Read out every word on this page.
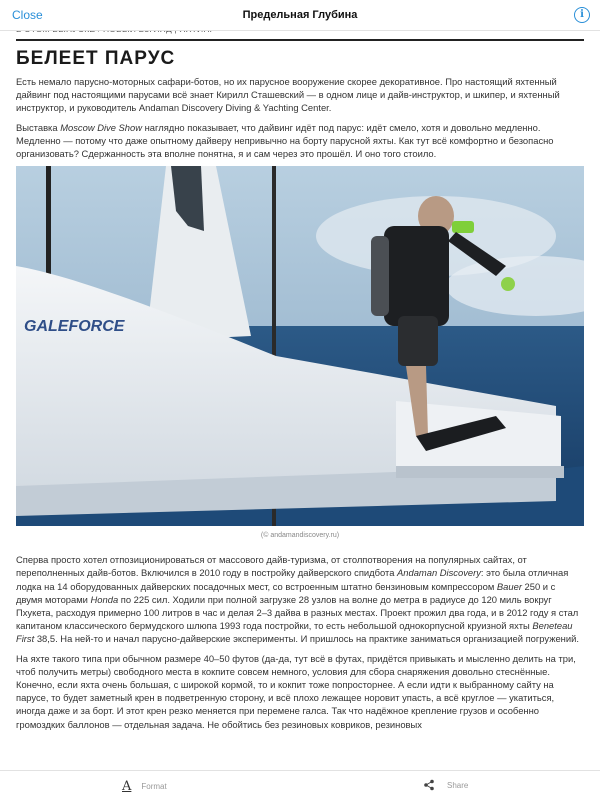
Close	Предельная Глубина	i
БЕЛЕЕТ ПАРУС

Есть немало парусно-моторных сафари-ботов, но их парусное вооружение скорее декоративное. Про настоящий яхтенный дайвинг под настоящими парусами всё знает Кирилл Сташевский — в одном лице и дайв-инструктор, и шкипер, и яхтенный инструктор, и руководитель Andaman Discovery Diving & Yachting Center.

Выставка Moscow Dive Show наглядно показывает, что дайвинг идёт под парус: идёт смело, хотя и довольно медленно. Медленно — потому что даже опытному дайверу непривычно на борту парусной яхты. Как тут всё комфортно и безопасно организовать? Сдержанность эта вполне понятна, я и сам через это прошёл. И оно того стоило.

GALEFORCE
(© andamandiscovery.ru)

Сперва просто хотел отпозиционироваться от массового дайв-туризма, от столпотворения на популярных сайтах, от переполненных дайв-ботов. Включился в 2010 году в постройку дайверского спидбота Andaman Discovery: это была отличная лодка на 14 оборудованных дайверских посадочных мест, со встроенным штатно бензиновым компрессором Bauer 250 и с двумя моторами Honda по 225 сил. Ходили при полной загрузке 28 узлов на волне до метра в радиусе до 120 миль вокруг Пхукета, расходуя примерно 100 литров в час и делая 2–3 дайва в разных местах. Проект прожил два года, и в 2012 году я стал капитаном классического бермудского шлюпа 1993 года постройки, то есть небольшой однокорпусной круизной яхты Beneteau First 38,5. На ней-то и начал парусно-дайверские эксперименты. И пришлось на практике заниматься организацией погружений.

На яхте такого типа при обычном размере 40–50 футов (да-да, тут всё в футах, придётся привыкать и мысленно делить на три, чтоб получить метры) свободного места в кокпите совсем немного, условия для сбора снаряжения довольно стеснённые. Конечно, если яхта очень большая, с широкой кормой, то и кокпит тоже попросторнее. А если идти к выбранному сайту на парусе, то будет заметный крен в подветренную сторону, и всё плохо лежащее норовит упасть, а всё круглое — укатиться, иногда даже и за борт. И этот крен резко меняется при перемене галса. Так что надёжное крепление грузов и особенно громоздких баллонов — отдельная задача. Не обойтись без резиновых ковриков, резиновых

A Format	Share
